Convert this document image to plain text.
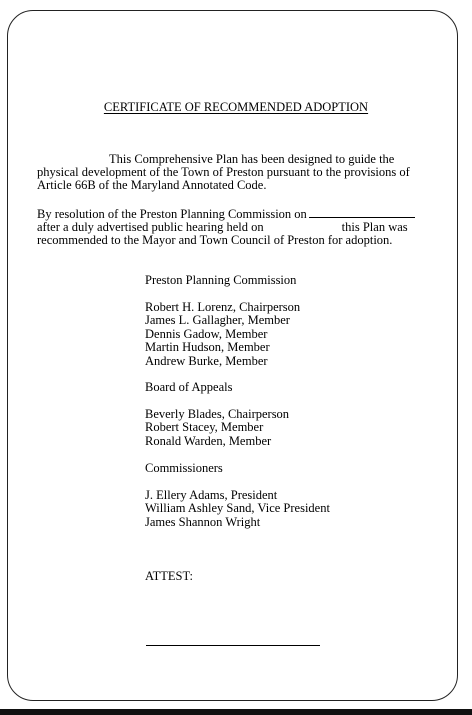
CERTIFICATE OF RECOMMENDED ADOPTION
This Comprehensive Plan has been designed to guide the physical development of the Town of Preston pursuant to the provisions of Article 66B of the Maryland Annotated Code.
By resolution of the Preston Planning Commission on after a duly advertised public hearing held on	this Plan was recommended to the Mayor and Town Council of Preston for adoption.
Preston Planning Commission
Robert H. Lorenz, Chairperson
James L. Gallagher, Member
Dennis Gadow, Member
Martin Hudson, Member
Andrew Burke, Member
Board of Appeals
Beverly Blades, Chairperson
Robert Stacey, Member
Ronald Warden, Member
Commissioners
J. Ellery Adams, President
William Ashley Sand, Vice President
James Shannon Wright
ATTEST:
